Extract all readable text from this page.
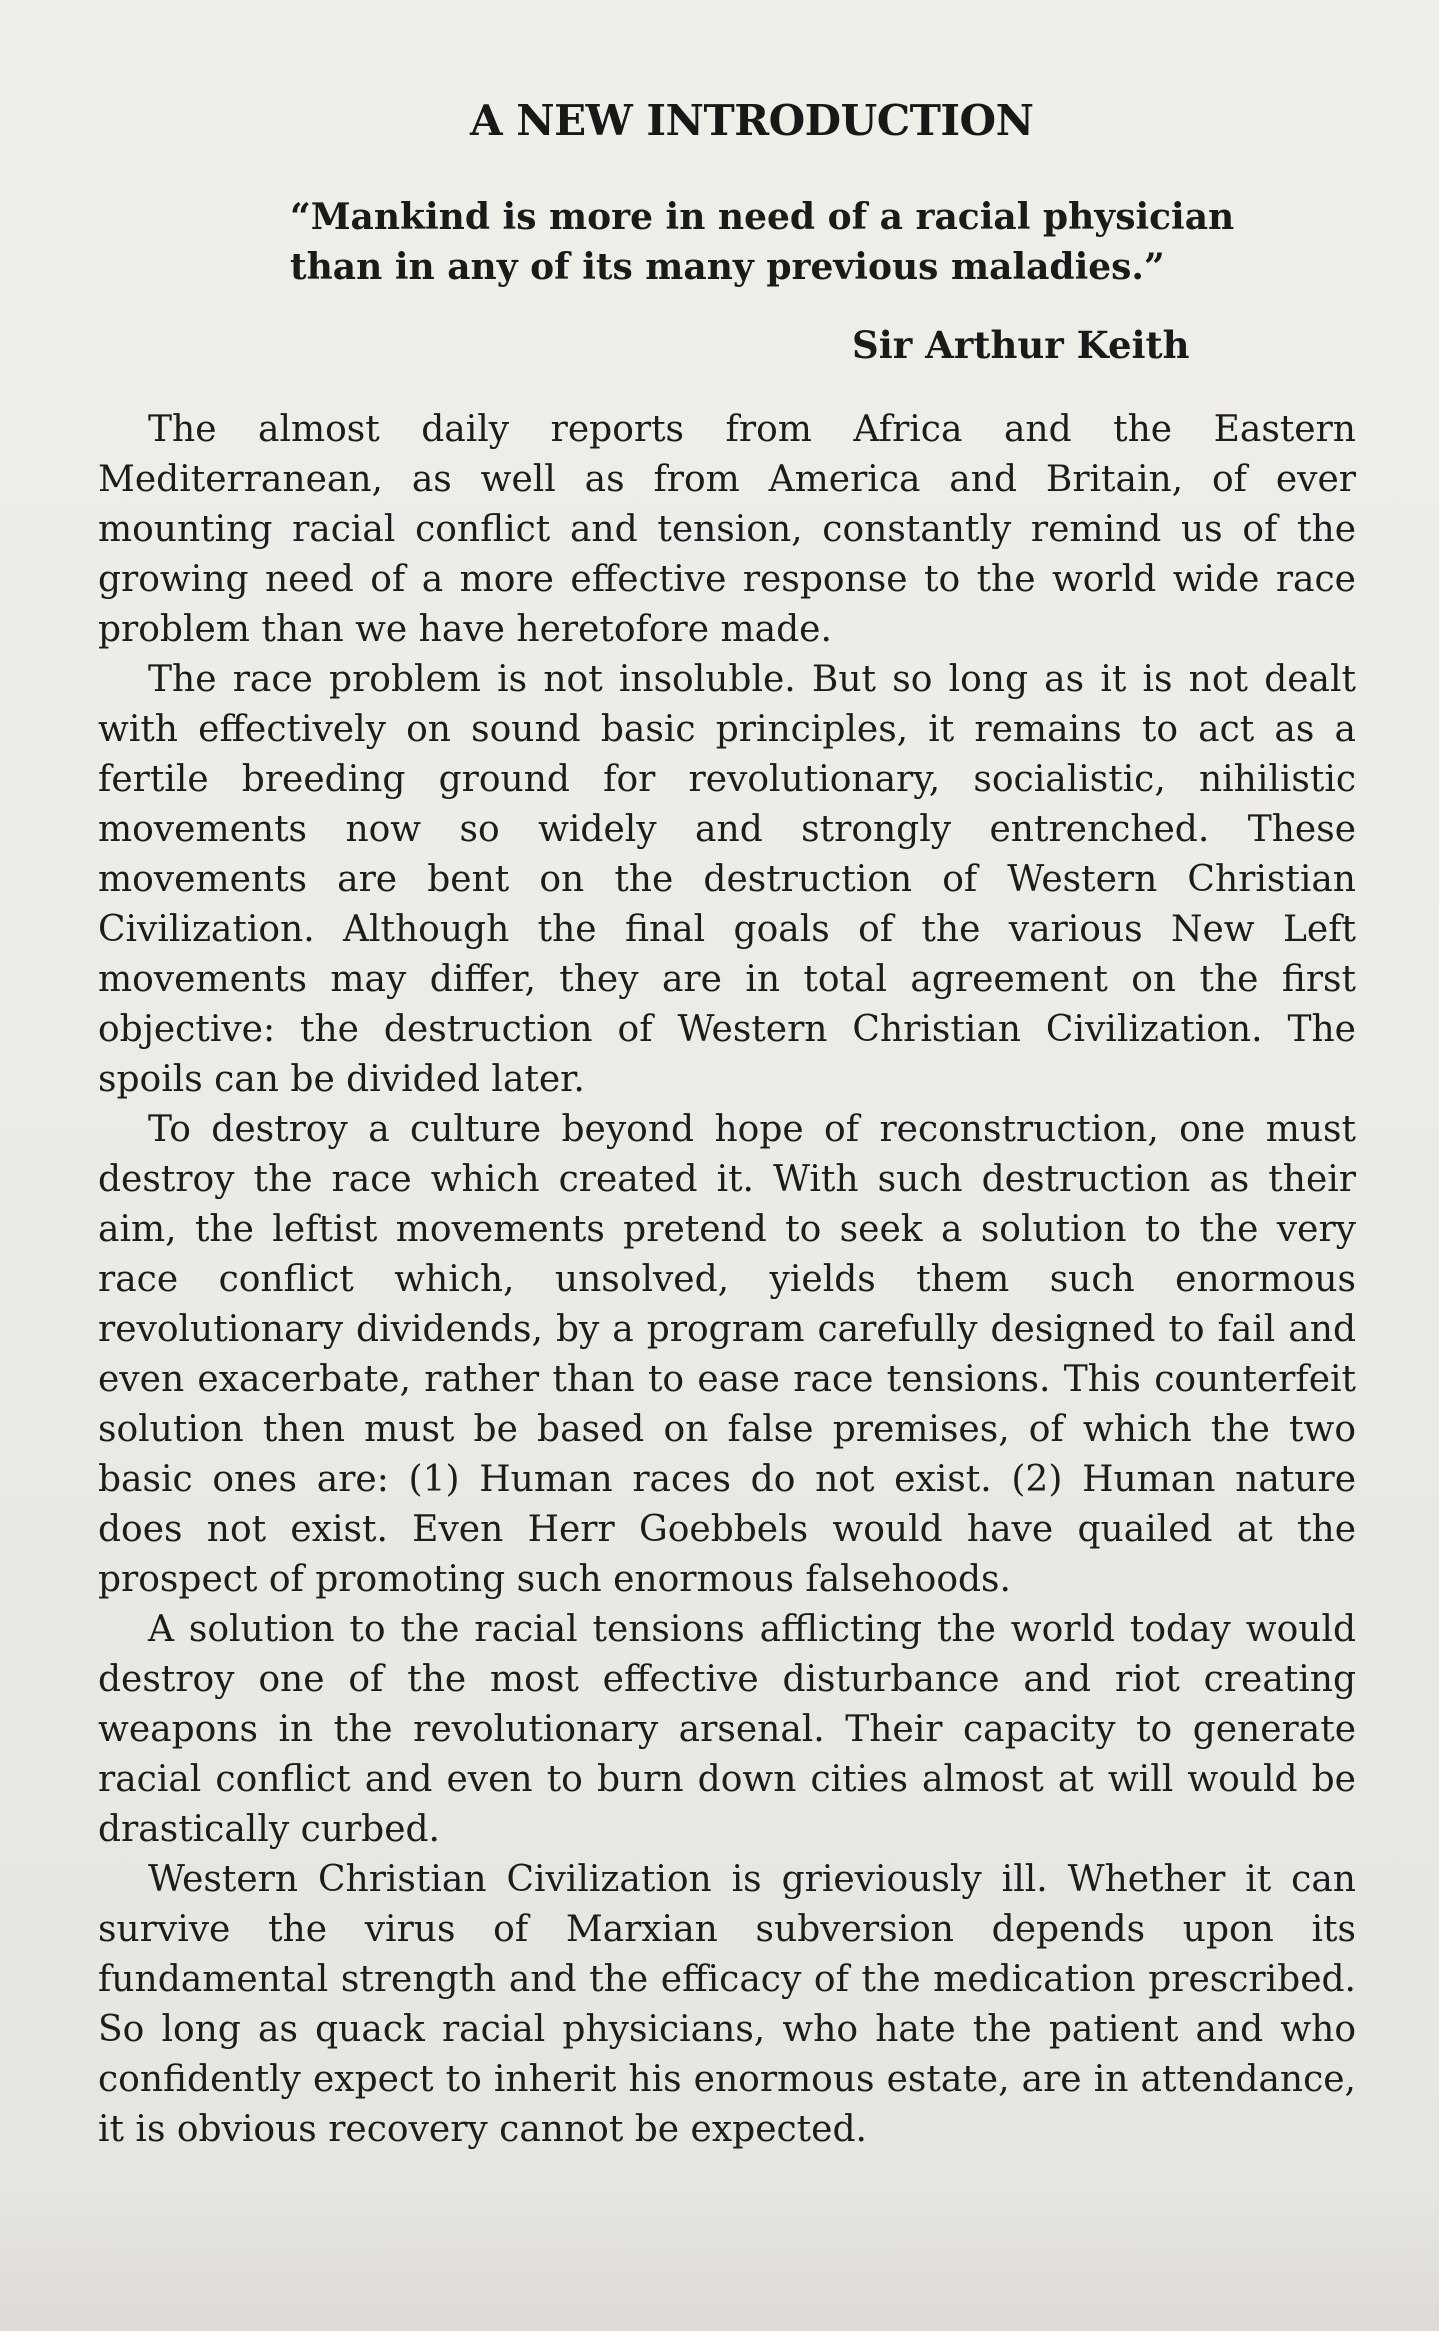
A NEW INTRODUCTION
“Mankind is more in need of a racial physician
than in any of its many previous maladies.”
Sir Arthur Keith

The almost daily reports from Africa and the Eastern Mediterranean, as well as from America and Britain, of ever mounting racial conflict and tension, constantly remind us of the growing need of a more effective response to the world wide race problem than we have heretofore made.

The race problem is not insoluble. But so long as it is not dealt with effectively on sound basic principles, it remains to act as a fertile breeding ground for revolutionary, socialistic, nihilistic movements now so widely and strongly entrenched. These movements are bent on the destruction of Western Christian Civilization. Although the final goals of the various New Left movements may differ, they are in total agreement on the first objective: the destruction of Western Christian Civilization. The spoils can be divided later.

To destroy a culture beyond hope of reconstruction, one must destroy the race which created it. With such destruction as their aim, the leftist movements pretend to seek a solution to the very race conflict which, unsolved, yields them such enormous revolutionary dividends, by a program carefully designed to fail and even exacerbate, rather than to ease race tensions. This counterfeit solution then must be based on false premises, of which the two basic ones are: (1) Human races do not exist. (2) Human nature does not exist. Even Herr Goebbels would have quailed at the prospect of promoting such enormous falsehoods.

A solution to the racial tensions afflicting the world today would destroy one of the most effective disturbance and riot creating weapons in the revolutionary arsenal. Their capacity to generate racial conflict and even to burn down cities almost at will would be drastically curbed.

Western Christian Civilization is grieviously ill. Whether it can survive the virus of Marxian subversion depends upon its fundamental strength and the efficacy of the medication prescribed. So long as quack racial physicians, who hate the patient and who confidently expect to inherit his enormous estate, are in attendance, it is obvious recovery cannot be expected.
